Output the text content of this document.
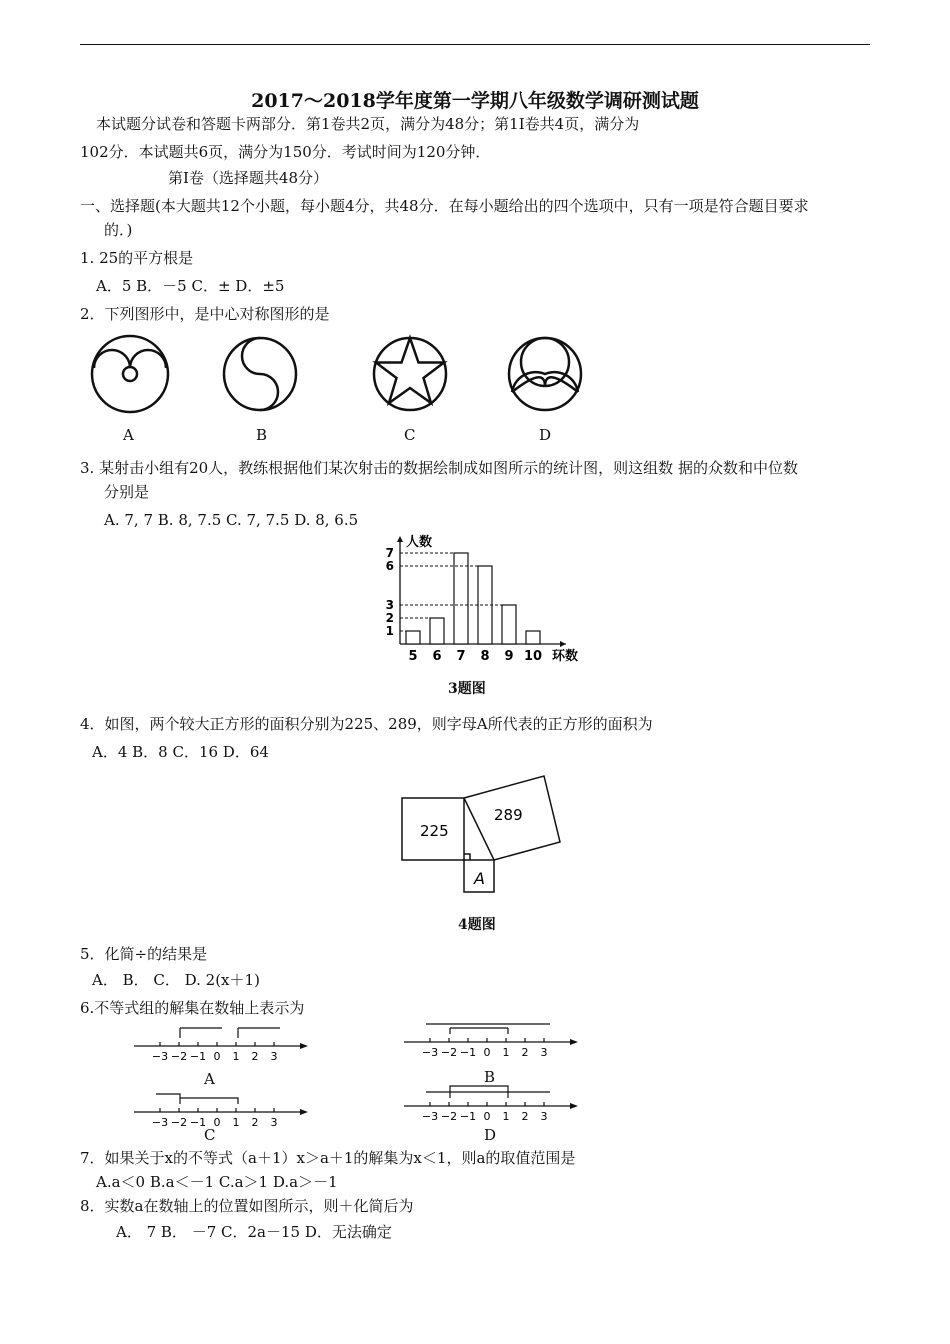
2017～2018学年度第一学期八年级数学调研测试题
本试题分试卷和答题卡两部分．第1卷共2页，满分为48分；第1I卷共4页，满分为
102分．本试题共6页，满分为150分．考试时间为120分钟．
第I卷（选择题共48分）
一、选择题(本大题共12个小题，每小题4分，共48分．在每小题给出的四个选项中，只有一项是符合题目要求
的．)
1. 25的平方根是
A．5 B．－5 C．± D．±5
2．下列图形中，是中心对称图形的是
A	B	C	D
3. 某射击小组有20人，教练根据他们某次射击的数据绘制成如图所示的统计图，则这组数 据的众数和中位数
分别是
A. 7, 7 B. 8, 7.5 C. 7, 7.5 D. 8, 6.5
5 6 7 8 9 10
1
2
3
6
7
人数
环数
3题图
4．如图，两个较大正方形的面积分别为225、289，则字母A所代表的正方形的面积为
A．4 B．8 C．16 D．64
225
289
A
4题图
5．化简÷的结果是
A． B． C． D. 2(x＋1)
6.不等式组的解集在数轴上表示为
−3 −2 −1 0 1 2 3
A
−3 −2 −1 0 1 2 3
B
−3 −2 −1 0 1 2 3
C
−3 −2 −1 0 1 2 3
D
7．如果关于x的不等式（a＋1）x＞a＋1的解集为x＜1，则a的取值范围是
A.a＜0 B.a＜－1 C.a＞1 D.a＞－1
8．实数a在数轴上的位置如图所示，则＋化简后为
A． 7 B． －7 C．2a－15 D．无法确定
